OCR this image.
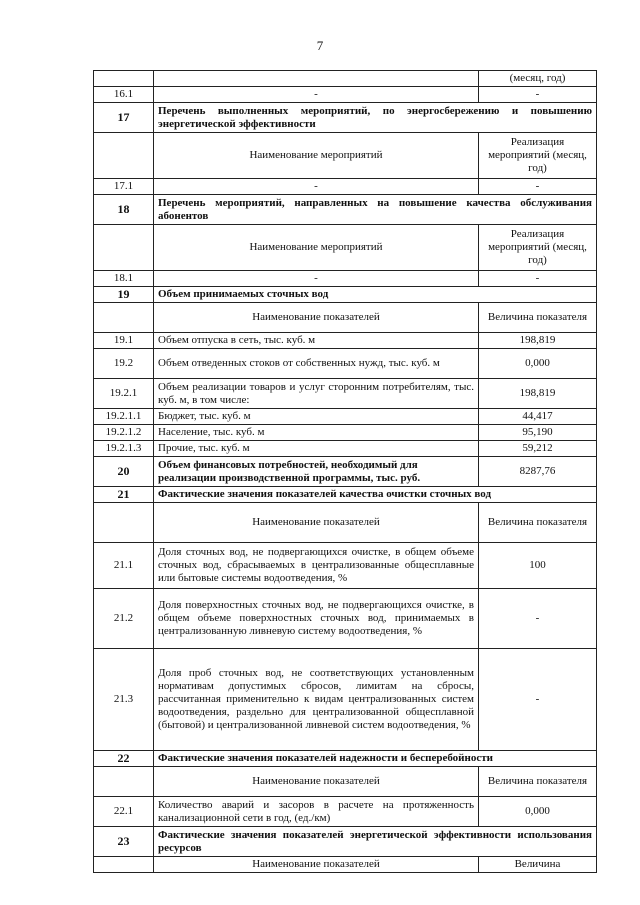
7
		(месяц, год)
16.1	-	-
17	Перечень выполненных мероприятий, по энергосбережению и повышению энергетической эффективности	
	Наименование мероприятий	Реализация мероприятий (месяц, год)
17.1	-	-
18	Перечень мероприятий, направленных на повышение качества обслуживания абонентов	
	Наименование мероприятий	Реализация мероприятий (месяц, год)
18.1	-	-
19	Объем принимаемых сточных вод	
	Наименование показателей	Величина показателя
19.1	Объем отпуска в сеть, тыс. куб. м	198,819
19.2	Объем отведенных стоков от собственных нужд, тыс. куб. м	0,000
19.2.1	Объем реализации товаров и услуг сторонним потребителям, тыс. куб. м, в том числе:	198,819
19.2.1.1	Бюджет, тыс. куб. м	44,417
19.2.1.2	Население, тыс. куб. м	95,190
19.2.1.3	Прочие, тыс. куб. м	59,212
20	Объем финансовых потребностей, необходимый для реализации производственной программы, тыс. руб.	8287,76
21	Фактические значения показателей качества очистки сточных вод	
	Наименование показателей	Величина показателя
21.1	Доля сточных вод, не подвергающихся очистке, в общем объеме сточных вод, сбрасываемых в централизованные общесплавные или бытовые системы водоотведения, %	100
21.2	Доля поверхностных сточных вод, не подвергающихся очистке, в общем объеме поверхностных сточных вод, принимаемых в централизованную ливневую систему водоотведения, %	-
21.3	Доля проб сточных вод, не соответствующих установленным нормативам допустимых сбросов, лимитам на сбросы, рассчитанная применительно к видам централизованных систем водоотведения, раздельно для централизованной общесплавной (бытовой) и централизованной ливневой систем водоотведения, %	-
22	Фактические значения показателей надежности и бесперебойности	
	Наименование показателей	Величина показателя
22.1	Количество аварий и засоров в расчете на протяженность канализационной сети в год, (ед./км)	0,000
23	Фактические значения показателей энергетической эффективности использования ресурсов	
	Наименование показателей	Величина
